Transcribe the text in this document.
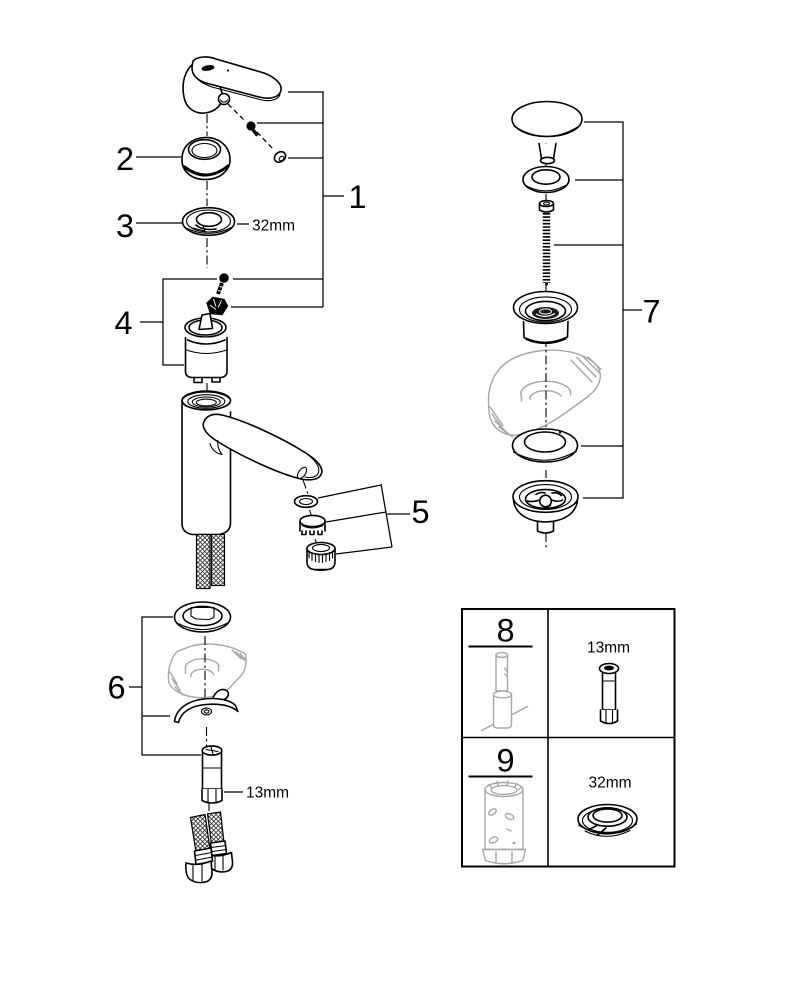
1
2
3
4
5
6
7
8
9
32mm
13mm
13mm
32mm
